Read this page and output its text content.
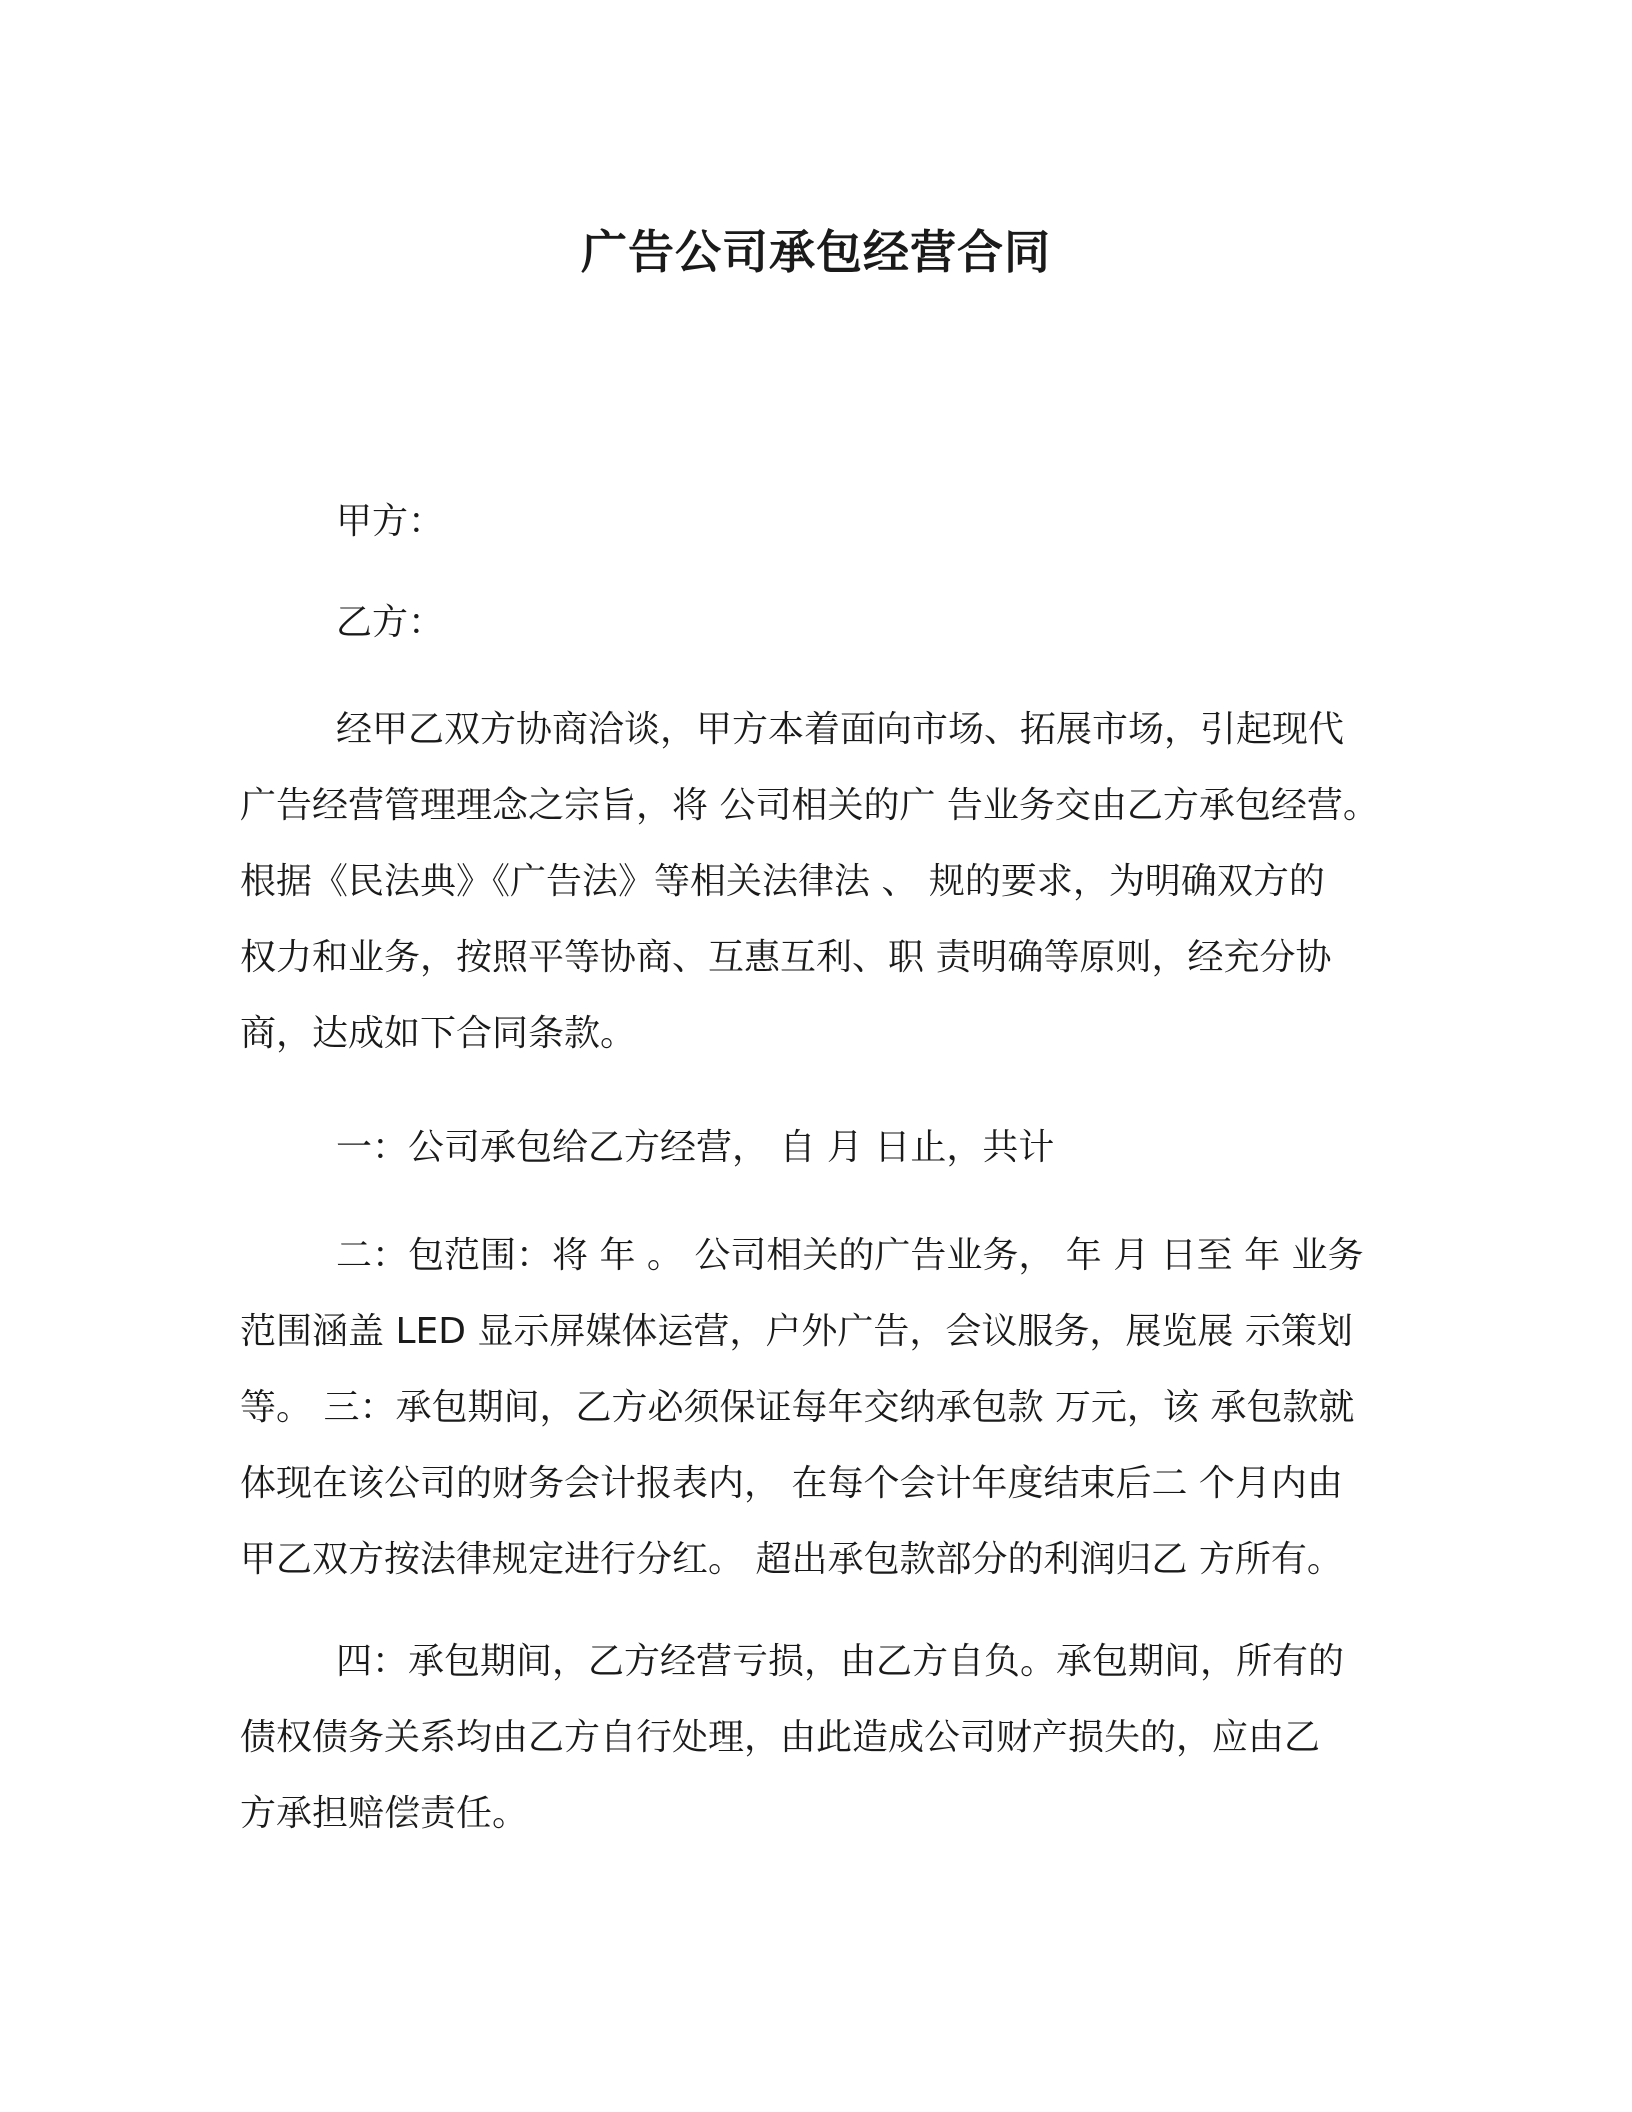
广告公司承包经营合同
甲方：
乙方：

经甲乙双方协商洽谈，甲方本着面向市场、拓展市场，引起现代
广告经营管理理念之宗旨，将 公司相关的广 告业务交由乙方承包经营。
根据《民法典》《广告法》等相关法律法 、 规的要求，为明确双方的
权力和业务，按照平等协商、互惠互利、职 责明确等原则，经充分协
商，达成如下合同条款。

一：公司承包给乙方经营， 自 月 日止，共计

二：包范围：将 年 。 公司相关的广告业务， 年 月 日至 年 业务
范围涵盖 LED 显示屏媒体运营，户外广告，会议服务，展览展 示策划
等。 三：承包期间，乙方必须保证每年交纳承包款 万元，该 承包款就
体现在该公司的财务会计报表内， 在每个会计年度结束后二 个月内由
甲乙双方按法律规定进行分红。 超出承包款部分的利润归乙 方所有。

四：承包期间，乙方经营亏损，由乙方自负。承包期间，所有的
债权债务关系均由乙方自行处理，由此造成公司财产损失的，应由乙
方承担赔偿责任。
